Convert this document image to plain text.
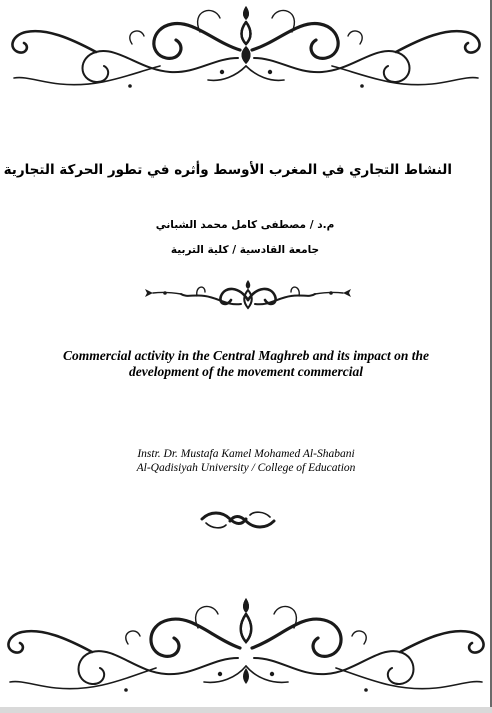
النشاط التجاري في المغرب الأوسط وأثره في تطور الحركة التجارية
م.د / مصطفى كامل محمد الشباني
جامعة القادسية / كلية التربية
Commercial activity in the Central Maghreb and its impact on the
development of the movement commercial
Instr. Dr. Mustafa Kamel Mohamed Al-Shabani
Al-Qadisiyah University / College of Education
